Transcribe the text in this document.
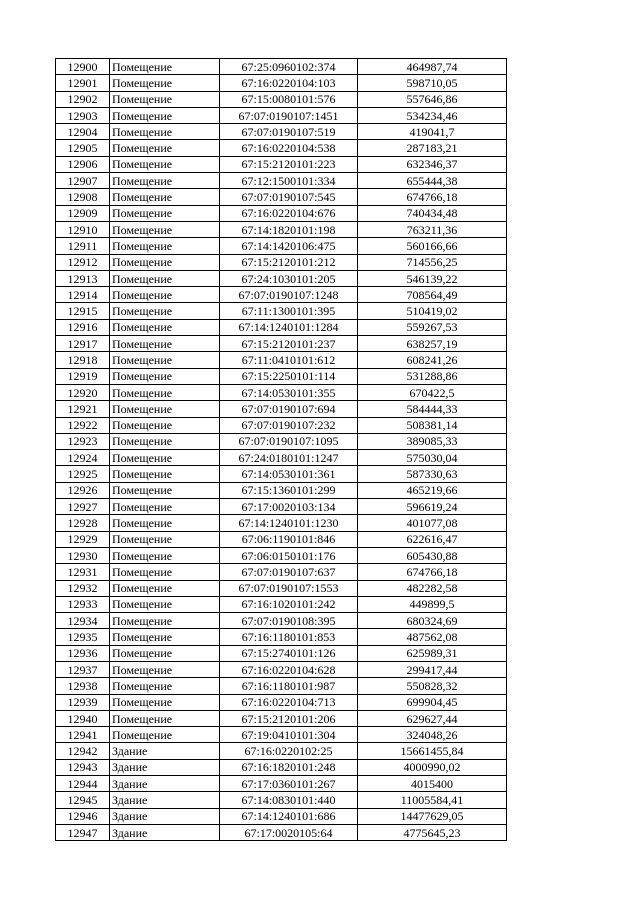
12900	Помещение	67:25:0960102:374	464987,74
12901	Помещение	67:16:0220104:103	598710,05
12902	Помещение	67:15:0080101:576	557646,86
12903	Помещение	67:07:0190107:1451	534234,46
12904	Помещение	67:07:0190107:519	419041,7
12905	Помещение	67:16:0220104:538	287183,21
12906	Помещение	67:15:2120101:223	632346,37
12907	Помещение	67:12:1500101:334	655444,38
12908	Помещение	67:07:0190107:545	674766,18
12909	Помещение	67:16:0220104:676	740434,48
12910	Помещение	67:14:1820101:198	763211,36
12911	Помещение	67:14:1420106:475	560166,66
12912	Помещение	67:15:2120101:212	714556,25
12913	Помещение	67:24:1030101:205	546139,22
12914	Помещение	67:07:0190107:1248	708564,49
12915	Помещение	67:11:1300101:395	510419,02
12916	Помещение	67:14:1240101:1284	559267,53
12917	Помещение	67:15:2120101:237	638257,19
12918	Помещение	67:11:0410101:612	608241,26
12919	Помещение	67:15:2250101:114	531288,86
12920	Помещение	67:14:0530101:355	670422,5
12921	Помещение	67:07:0190107:694	584444,33
12922	Помещение	67:07:0190107:232	508381,14
12923	Помещение	67:07:0190107:1095	389085,33
12924	Помещение	67:24:0180101:1247	575030,04
12925	Помещение	67:14:0530101:361	587330,63
12926	Помещение	67:15:1360101:299	465219,66
12927	Помещение	67:17:0020103:134	596619,24
12928	Помещение	67:14:1240101:1230	401077,08
12929	Помещение	67:06:1190101:846	622616,47
12930	Помещение	67:06:0150101:176	605430,88
12931	Помещение	67:07:0190107:637	674766,18
12932	Помещение	67:07:0190107:1553	482282,58
12933	Помещение	67:16:1020101:242	449899,5
12934	Помещение	67:07:0190108:395	680324,69
12935	Помещение	67:16:1180101:853	487562,08
12936	Помещение	67:15:2740101:126	625989,31
12937	Помещение	67:16:0220104:628	299417,44
12938	Помещение	67:16:1180101:987	550828,32
12939	Помещение	67:16:0220104:713	699904,45
12940	Помещение	67:15:2120101:206	629627,44
12941	Помещение	67:19:0410101:304	324048,26
12942	Здание	67:16:0220102:25	15661455,84
12943	Здание	67:16:1820101:248	4000990,02
12944	Здание	67:17:0360101:267	4015400
12945	Здание	67:14:0830101:440	11005584,41
12946	Здание	67:14:1240101:686	14477629,05
12947	Здание	67:17:0020105:64	4775645,23
